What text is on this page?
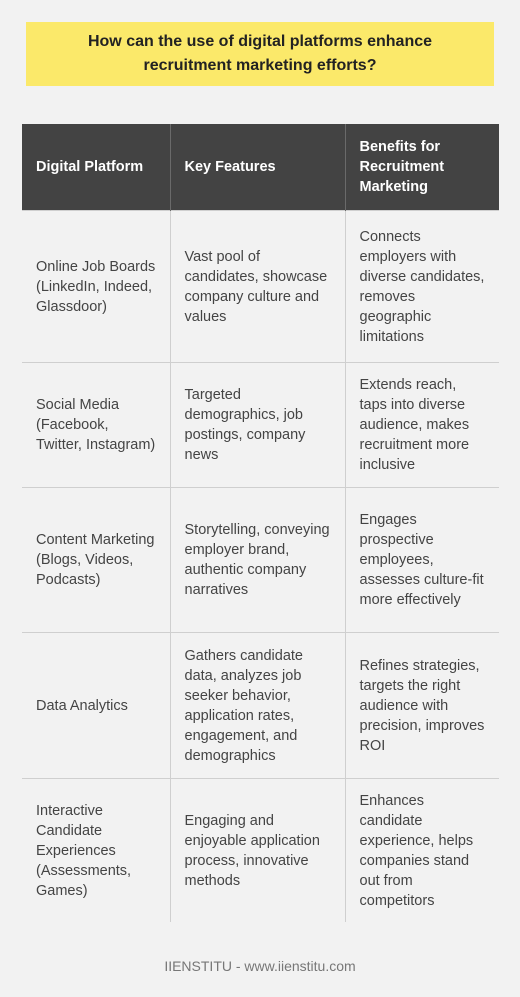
How can the use of digital platforms enhance recruitment marketing efforts?
Digital Platform	Key Features	Benefits for Recruitment Marketing
Online Job Boards (LinkedIn, Indeed, Glassdoor)	Vast pool of candidates, showcase company culture and values	Connects employers with diverse candidates, removes geographic limitations
Social Media (Facebook, Twitter, Instagram)	Targeted demographics, job postings, company news	Extends reach, taps into diverse audience, makes recruitment more inclusive
Content Marketing (Blogs, Videos, Podcasts)	Storytelling, conveying employer brand, authentic company narratives	Engages prospective employees, assesses culture-fit more effectively
Data Analytics	Gathers candidate data, analyzes job seeker behavior, application rates, engagement, and demographics	Refines strategies, targets the right audience with precision, improves ROI
Interactive Candidate Experiences (Assessments, Games)	Engaging and enjoyable application process, innovative methods	Enhances candidate experience, helps companies stand out from competitors
IIENSTITU - www.iienstitu.com
